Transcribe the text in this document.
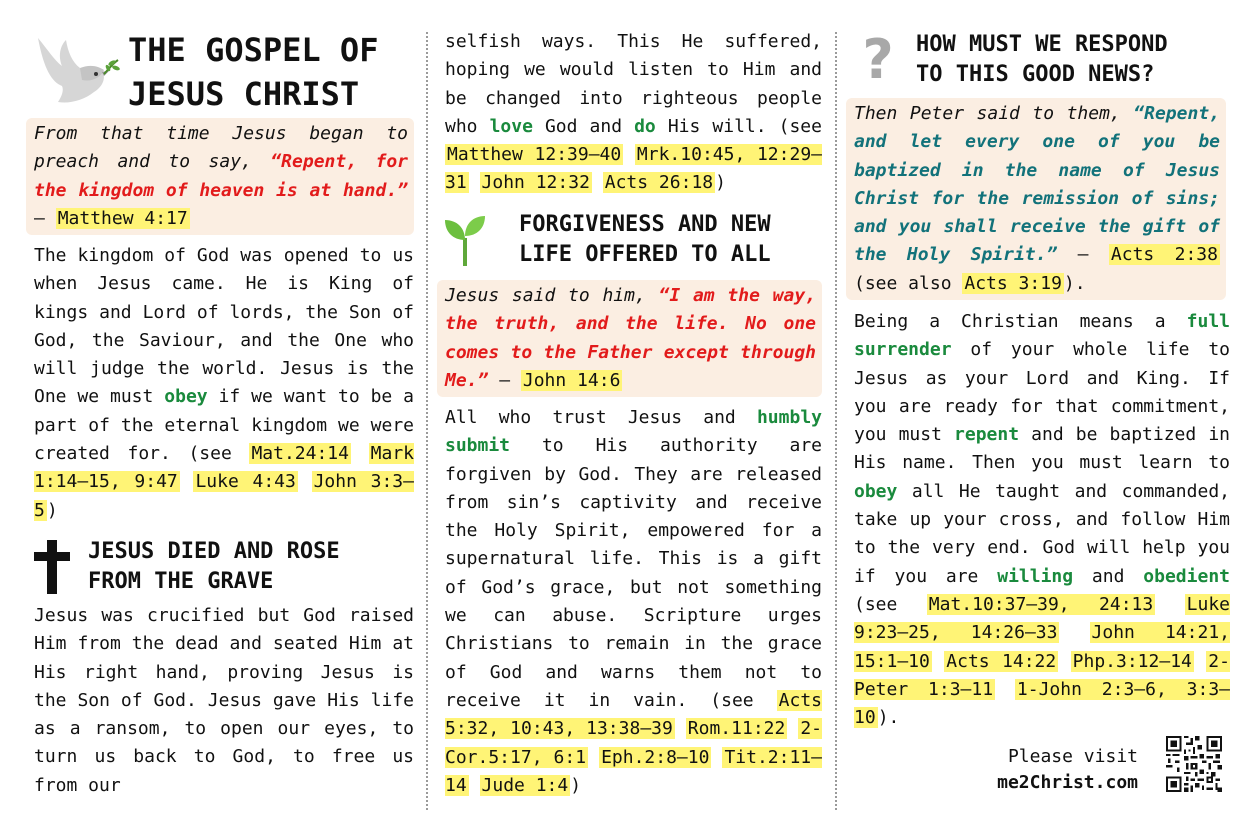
THE GOSPEL OF
JESUS CHRIST
From that time Jesus began to preach and to say, “Repent, for the kingdom of heaven is at hand.” – Matthew 4:17

The kingdom of God was opened to us when Jesus came. He is King of kings and Lord of lords, the Son of God, the Saviour, and the One who will judge the world. Jesus is the One we must obey if we want to be a part of the eternal kingdom we were created for. (see Mat.24:14 Mark 1:14–15, 9:47 Luke 4:43 John 3:3–5 )

JESUS DIED AND ROSE
FROM THE GRAVE

Jesus was crucified but God raised Him from the dead and seated Him at His right hand, proving Jesus is the Son of God. Jesus gave His life as a ransom, to open our eyes, to turn us back to God, to free us from our

selfish ways. This He suffered, hoping we would listen to Him and be changed into righteous people who love God and do His will. (see Matthew 12:39–40 Mrk.10:45, 12:29–31 John 12:32 Acts 26:18 )

FORGIVENESS AND NEW
LIFE OFFERED TO ALL
Jesus said to him, “I am the way, the truth, and the life. No one comes to the Father except through Me.” – John 14:6

All who trust Jesus and humbly submit to His authority are forgiven by God. They are released from sin’s captivity and receive the Holy Spirit, empowered for a supernatural life. This is a gift of God’s grace, but not something we can abuse. Scripture urges Christians to remain in the grace of God and warns them not to receive it in vain. (see Acts 5:32, 10:43, 13:38–39 Rom.11:22 2-Cor.5:17, 6:1 Eph.2:8–10 Tit.2:11–14 Jude 1:4 )

? HOW MUST WE RESPOND
TO THIS GOOD NEWS?
Then Peter said to them, “Repent, and let every one of you be baptized in the name of Jesus Christ for the remission of sins; and you shall receive the gift of the Holy Spirit.” – Acts 2:38 (see also Acts 3:19 ).

Being a Christian means a full surrender of your whole life to Jesus as your Lord and King. If you are ready for that commitment, you must repent and be baptized in His name. Then you must learn to obey all He taught and commanded, take up your cross, and follow Him to the very end. God will help you if you are willing and obedient (see Mat.10:37–39, 24:13 Luke 9:23–25, 14:26–33 John 14:21, 15:1–10 Acts 14:22 Php.3:12–14 2-Peter 1:3–11 1-John 2:3–6, 3:3–10 ).

Please visit
me2Christ.com
